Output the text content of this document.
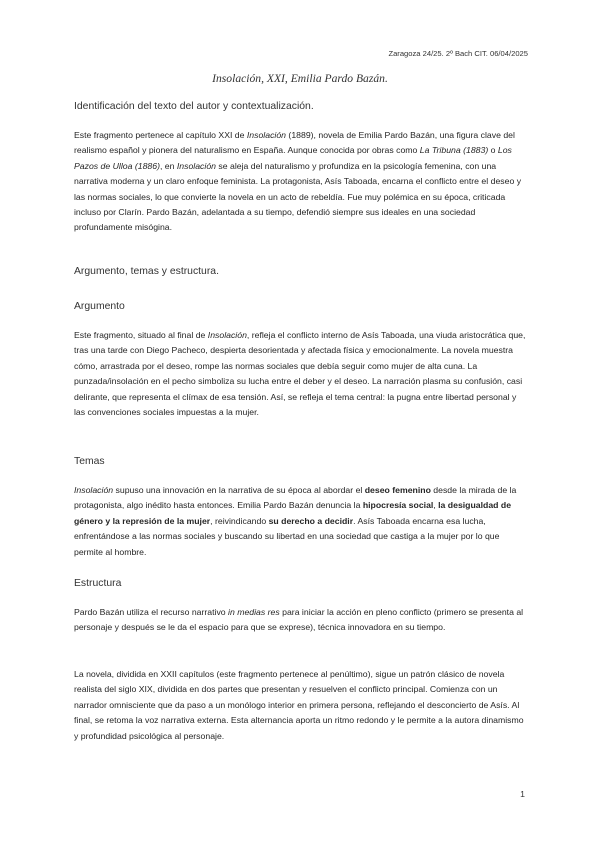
Zaragoza 24/25. 2º Bach CIT. 06/04/2025
Insolación, XXI, Emilia Pardo Bazán.

Identificación del texto del autor y contextualización.

Este fragmento pertenece al capítulo XXI de Insolación (1889), novela de Emilia Pardo Bazán, una figura clave del realismo español y pionera del naturalismo en España. Aunque conocida por obras como La Tribuna (1883) o Los Pazos de Ulloa (1886), en Insolación se aleja del naturalismo y profundiza en la psicología femenina, con una narrativa moderna y un claro enfoque feminista. La protagonista, Asís Taboada, encarna el conflicto entre el deseo y las normas sociales, lo que convierte la novela en un acto de rebeldía. Fue muy polémica en su época, criticada incluso por Clarín. Pardo Bazán, adelantada a su tiempo, defendió siempre sus ideales en una sociedad profundamente misógina.

Argumento, temas y estructura.

Argumento

Este fragmento, situado al final de Insolación, refleja el conflicto interno de Asís Taboada, una viuda aristocrática que, tras una tarde con Diego Pacheco, despierta desorientada y afectada física y emocionalmente. La novela muestra cómo, arrastrada por el deseo, rompe las normas sociales que debía seguir como mujer de alta cuna. La punzada/insolación en el pecho simboliza su lucha entre el deber y el deseo. La narración plasma su confusión, casi delirante, que representa el clímax de esa tensión. Así, se refleja el tema central: la pugna entre libertad personal y las convenciones sociales impuestas a la mujer.

Temas

Insolación supuso una innovación en la narrativa de su época al abordar el deseo femenino desde la mirada de la protagonista, algo inédito hasta entonces. Emilia Pardo Bazán denuncia la hipocresía social, la desigualdad de género y la represión de la mujer, reivindicando su derecho a decidir. Asís Taboada encarna esa lucha, enfrentándose a las normas sociales y buscando su libertad en una sociedad que castiga a la mujer por lo que permite al hombre.

Estructura

Pardo Bazán utiliza el recurso narrativo in medias res para iniciar la acción en pleno conflicto (primero se presenta al personaje y después se le da el espacio para que se exprese), técnica innovadora en su tiempo.

La novela, dividida en XXII capítulos (este fragmento pertenece al penúltimo), sigue un patrón clásico de novela realista del siglo XIX, dividida en dos partes que presentan y resuelven el conflicto principal. Comienza con un narrador omnisciente que da paso a un monólogo interior en primera persona, reflejando el desconcierto de Asís. Al final, se retoma la voz narrativa externa. Esta alternancia aporta un ritmo redondo y le permite a la autora dinamismo y profundidad psicológica al personaje.

1
